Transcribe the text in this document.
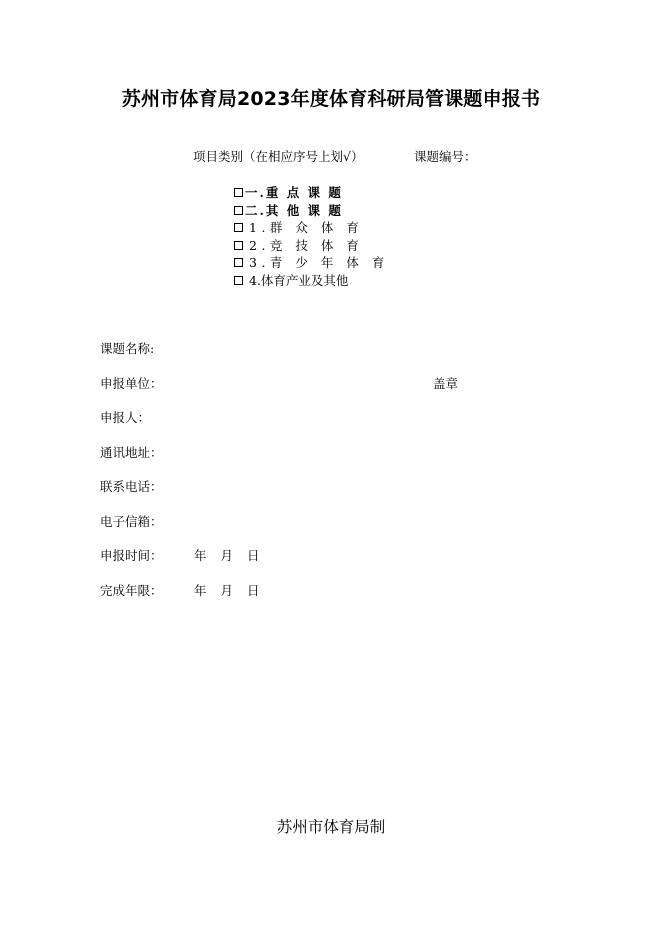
苏州市体育局2023年度体育科研局管课题申报书
项目类别（在相应序号上划√）	课题编号：
一.重 点 课 题
二.其 他 课 题
1.群 众 体 育
2.竞 技 体 育
3.青 少 年 体 育
4.体育产业及其他
课题名称:
申报单位：	盖章
申报人：
通讯地址：
联系电话：
电子信箱：
申报时间：	年 月 日
完成年限：	年 月 日
苏州市体育局制
